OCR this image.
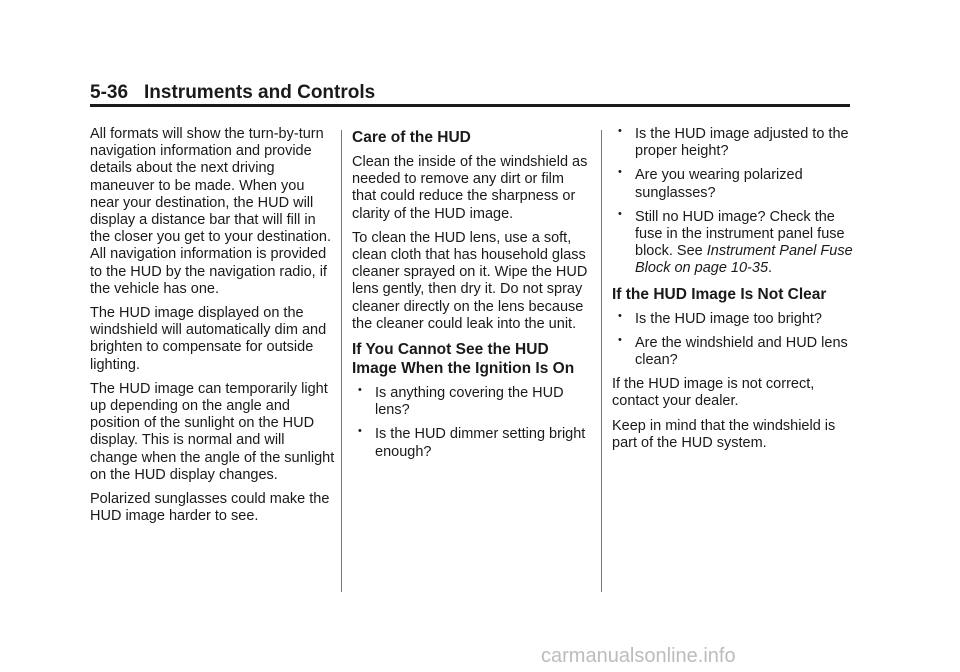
5-36 Instruments and Controls

All formats will show the turn-by-turn navigation information and provide details about the next driving maneuver to be made. When you near your destination, the HUD will display a distance bar that will fill in the closer you get to your destination. All navigation information is provided to the HUD by the navigation radio, if the vehicle has one.

The HUD image displayed on the windshield will automatically dim and brighten to compensate for outside lighting.

The HUD image can temporarily light up depending on the angle and position of the sunlight on the HUD display. This is normal and will change when the angle of the sunlight on the HUD display changes.

Polarized sunglasses could make the HUD image harder to see.

Care of the HUD

Clean the inside of the windshield as needed to remove any dirt or film that could reduce the sharpness or clarity of the HUD image.

To clean the HUD lens, use a soft, clean cloth that has household glass cleaner sprayed on it. Wipe the HUD lens gently, then dry it. Do not spray cleaner directly on the lens because the cleaner could leak into the unit.

If You Cannot See the HUD Image When the Ignition Is On
• Is anything covering the HUD lens?
• Is the HUD dimmer setting bright enough?
• Is the HUD image adjusted to the proper height?
• Are you wearing polarized sunglasses?
• Still no HUD image? Check the fuse in the instrument panel fuse block. See Instrument Panel Fuse Block on page 10-35.
If the HUD Image Is Not Clear
• Is the HUD image too bright?
• Are the windshield and HUD lens clean?

If the HUD image is not correct, contact your dealer.

Keep in mind that the windshield is part of the HUD system.

carmanualsonline.info
